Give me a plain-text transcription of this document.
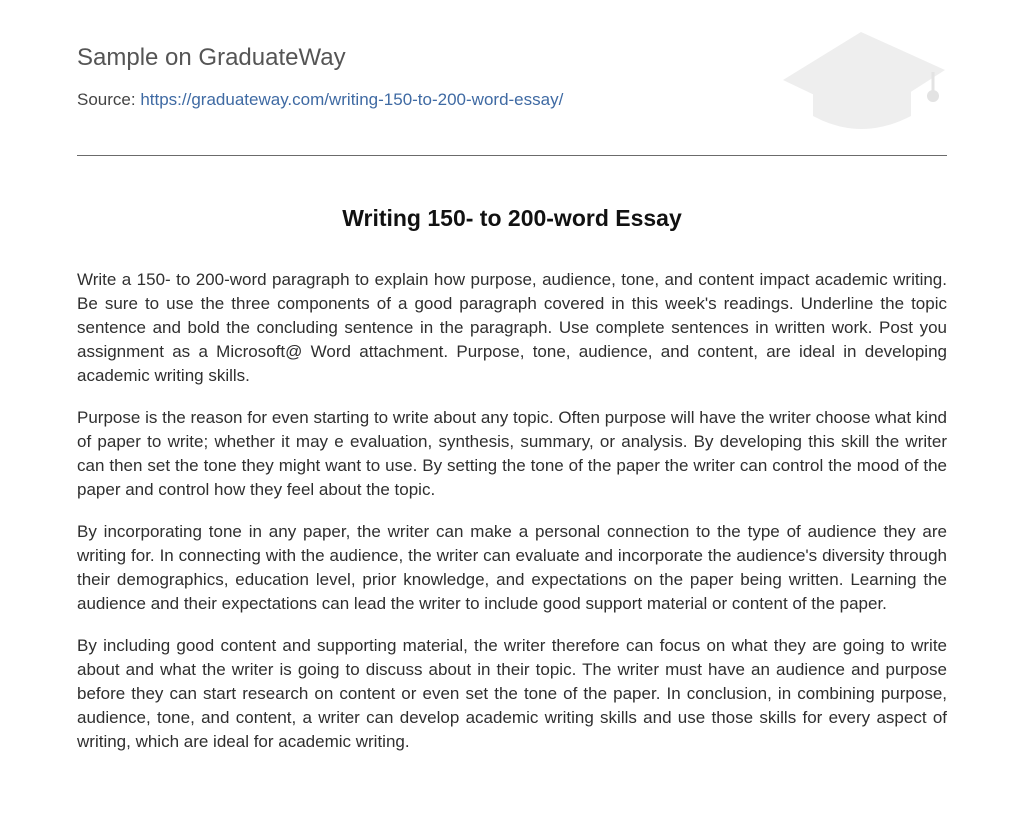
Sample on GraduateWay
Source: https://graduateway.com/writing-150-to-200-word-essay/
Writing 150- to 200-word Essay

Write a 150- to 200-word paragraph to explain how purpose, audience, tone, and content impact academic writing. Be sure to use the three components of a good paragraph covered in this week's readings. Underline the topic sentence and bold the concluding sentence in the paragraph. Use complete sentences in written work. Post you assignment as a Microsoft@ Word attachment. Purpose, tone, audience, and content, are ideal in developing academic writing skills.

Purpose is the reason for even starting to write about any topic. Often purpose will have the writer choose what kind of paper to write; whether it may e evaluation, synthesis, summary, or analysis. By developing this skill the writer can then set the tone they might want to use. By setting the tone of the paper the writer can control the mood of the paper and control how they feel about the topic.

By incorporating tone in any paper, the writer can make a personal connection to the type of audience they are writing for. In connecting with the audience, the writer can evaluate and incorporate the audience's diversity through their demographics, education level, prior knowledge, and expectations on the paper being written. Learning the audience and their expectations can lead the writer to include good support material or content of the paper.

By including good content and supporting material, the writer therefore can focus on what they are going to write about and what the writer is going to discuss about in their topic. The writer must have an audience and purpose before they can start research on content or even set the tone of the paper. In conclusion, in combining purpose, audience, tone, and content, a writer can develop academic writing skills and use those skills for every aspect of writing, which are ideal for academic writing.
